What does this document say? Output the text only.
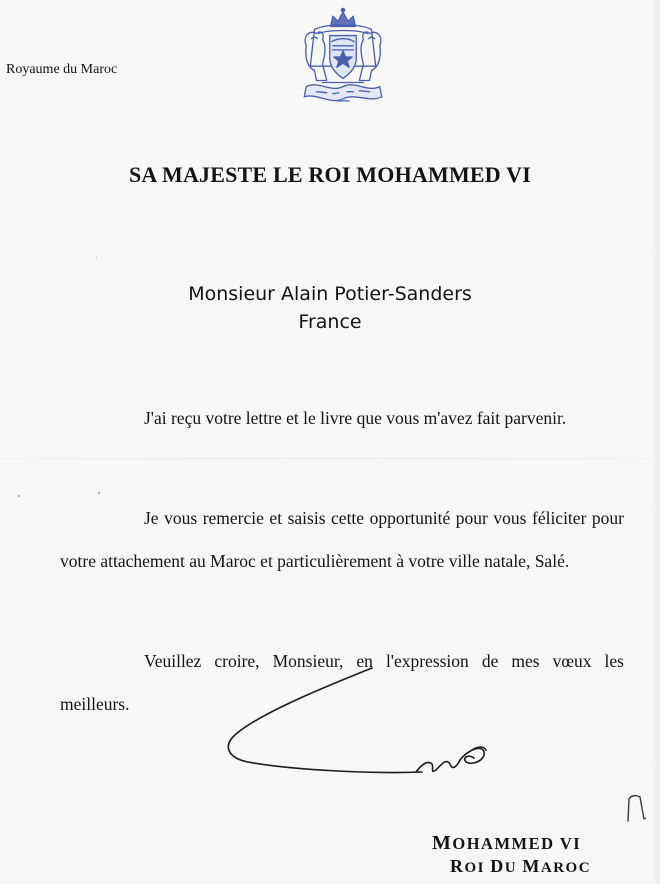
Royaume du Maroc
SA MAJESTE LE ROI MOHAMMED VI
Monsieur Alain Potier-Sanders
France
J'ai reçu votre lettre et le livre que vous m'avez fait parvenir.
Je vous remercie et saisis cette opportunité pour vous féliciter pour votre attachement au Maroc et particulièrement à votre ville natale, Salé.
Veuillez croire, Monsieur, en l'expression de mes vœux les meilleurs.
MOHAMMED VI
ROI DU MAROC
